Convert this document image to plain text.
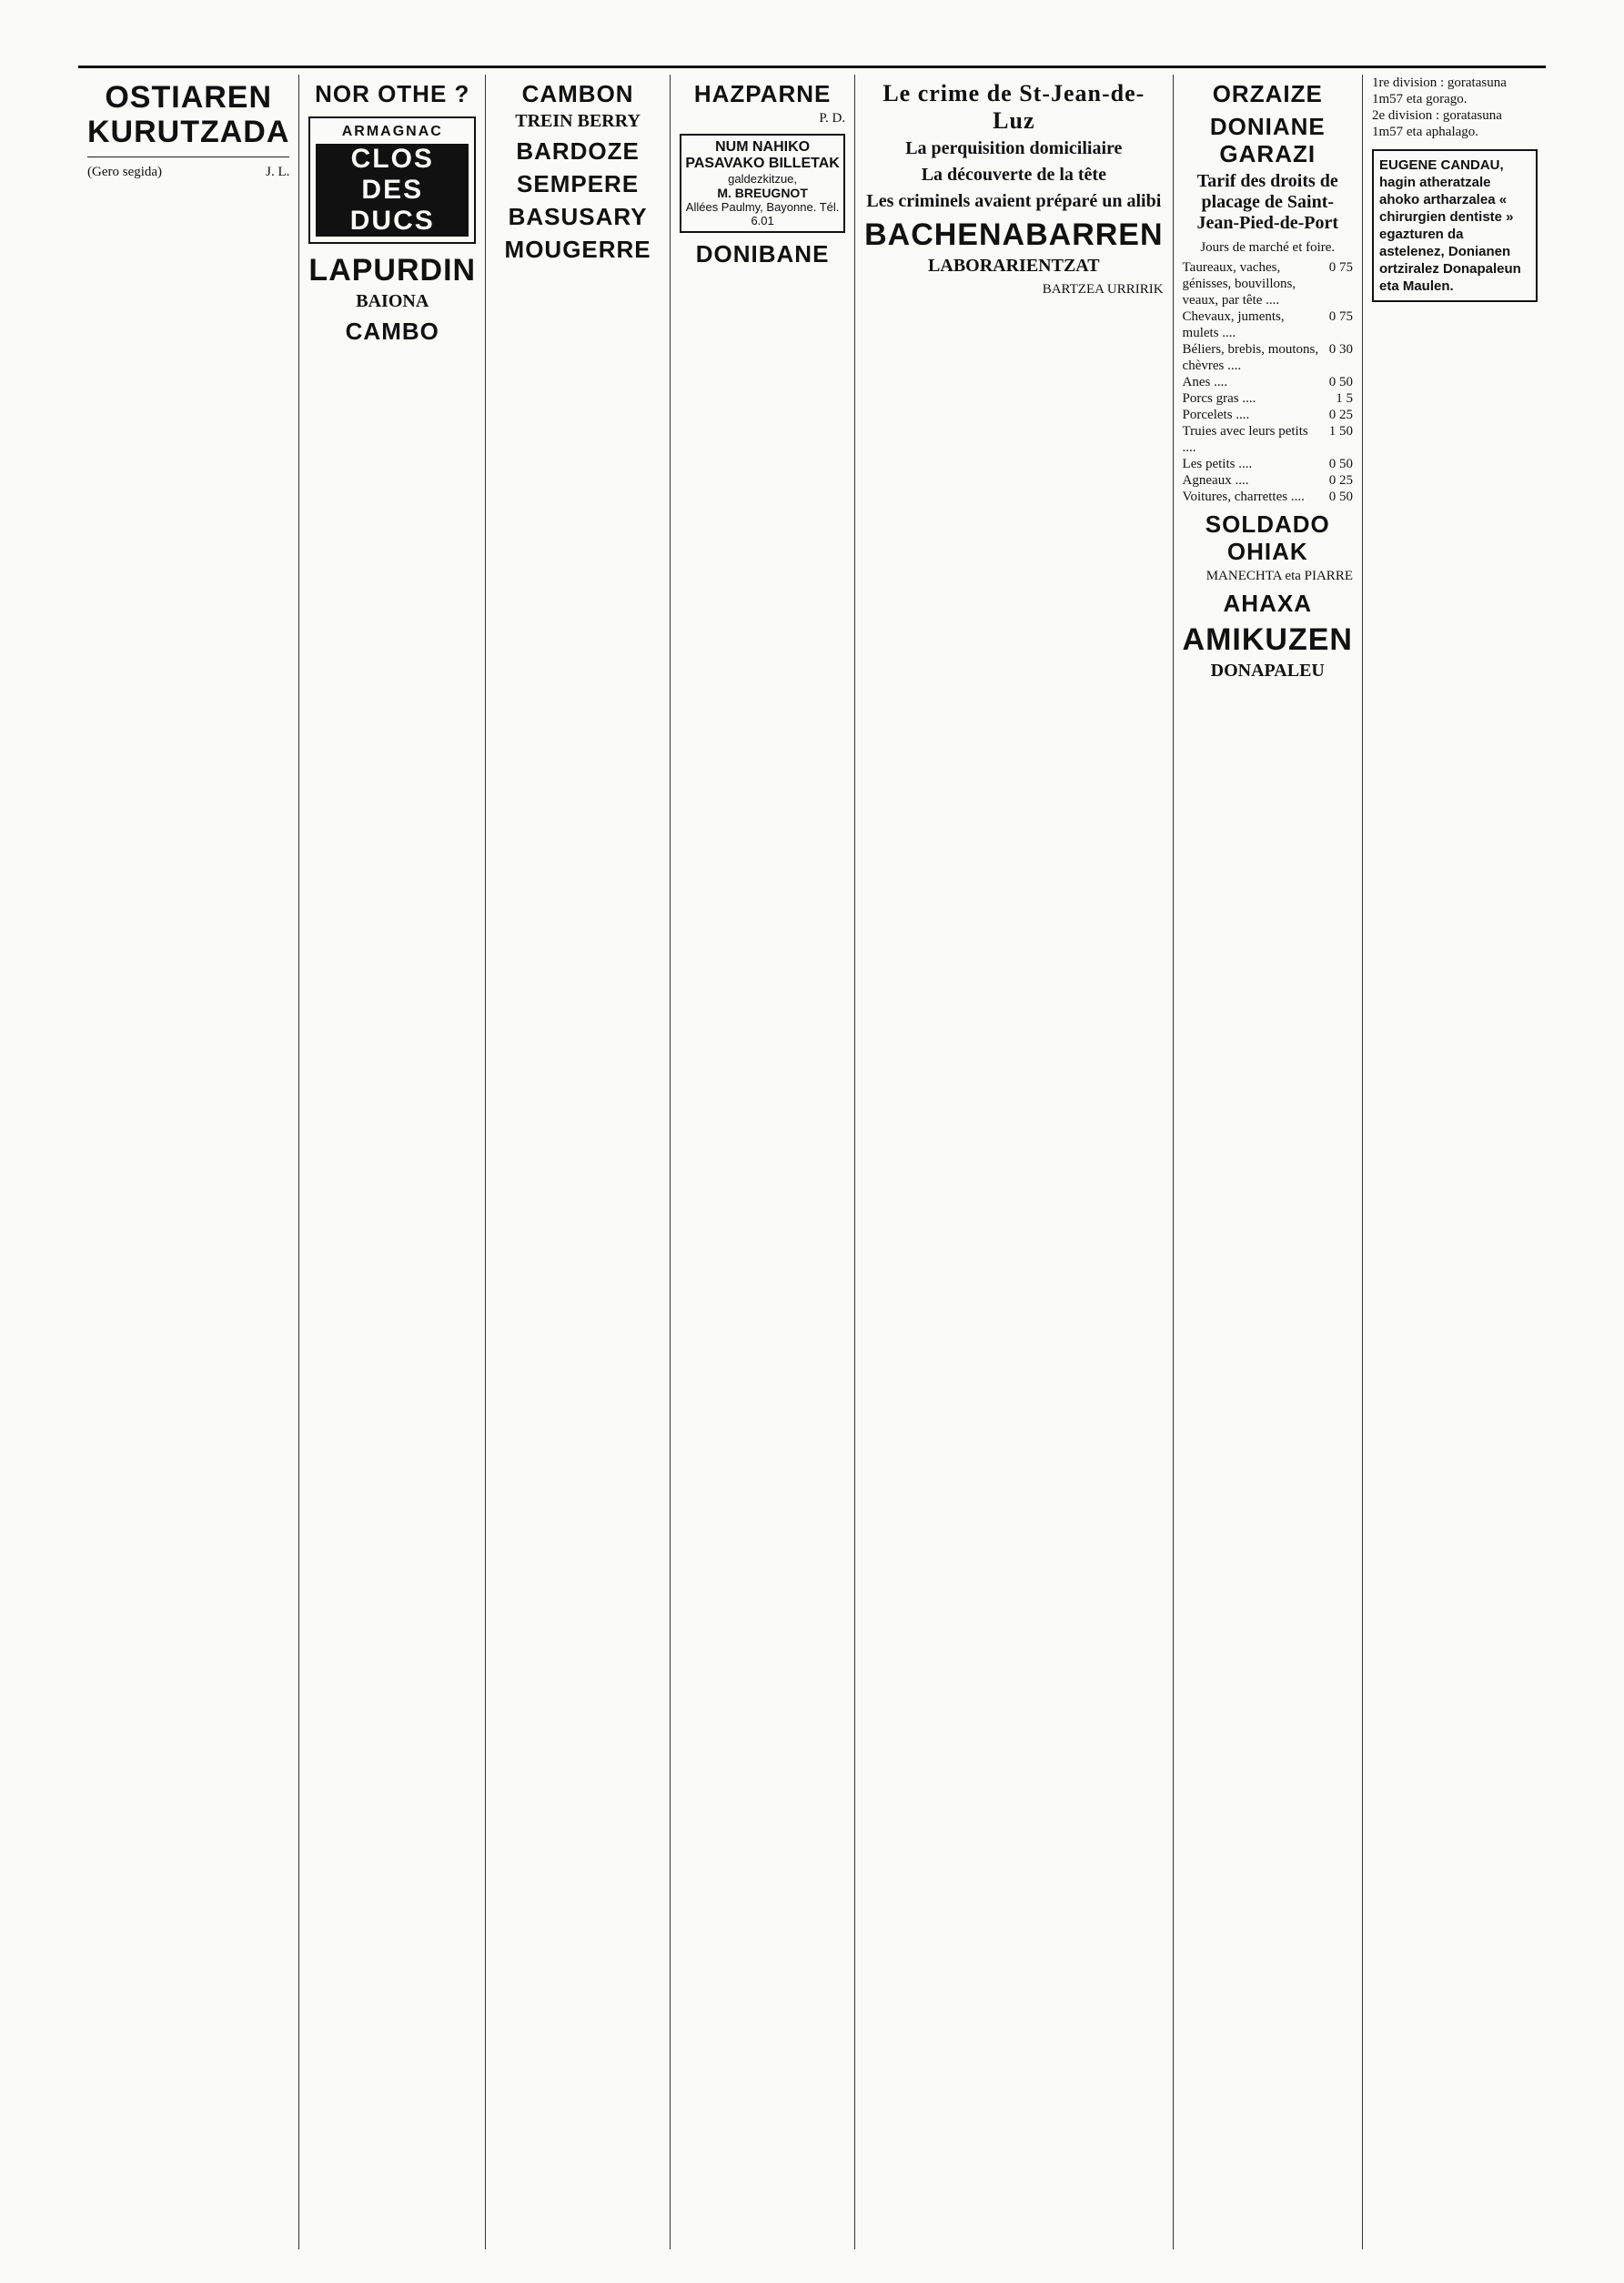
OSTIAREN KURUTZADA
(Gero segida)	J. L.
NOR OTHE ?
ARMAGNAC
CLOS DES DUCS
LAPURDIN
BAIONA
CAMBO
CAMBON
TREIN BERRY
BARDOZE
SEMPERE
BASUSARY
MOUGERRE
HAZPARNE
P. D.
NUM NAHIKO PASAVAKO BILLETAK
galdezkitzue,
M. BREUGNOT
Allées Paulmy, Bayonne. Tél. 6.01
DONIBANE
Le crime de St-Jean-de-Luz
La perquisition domiciliaire
La découverte de la tête
Les criminels avaient préparé un alibi
BACHENABARREN
LABORARIENTZAT
BARTZEA URRIRIK
ORZAIZE
DONIANE GARAZI
Tarif des droits de placage de Saint-Jean-Pied-de-Port
Jours de marché et foire.
Taureaux, vaches, génisses, bouvillons, veaux, par tête ....	0 75
Chevaux, juments, mulets ....	0 75
Béliers, brebis, moutons, chèvres ....	0 30
Anes ....	0 50
Porcs gras ....	1 5
Porcelets ....	0 25
Truies avec leurs petits ....	1 50
Les petits ....	0 50
Agneaux ....	0 25
Voitures, charrettes ....	0 50
SOLDADO OHIAK
MANECHTA eta PIARRE
AHAXA
AMIKUZEN
DONAPALEU
1re division : goratasuna 1m57 eta gorago.	
2e division : goratasuna 1m57 eta aphalago.	
EUGENE CANDAU, hagin atheratzale ahoko artharzalea « chirurgien dentiste » egazturen da astelenez, Donianen ortziralez Donapaleun eta Maulen.
